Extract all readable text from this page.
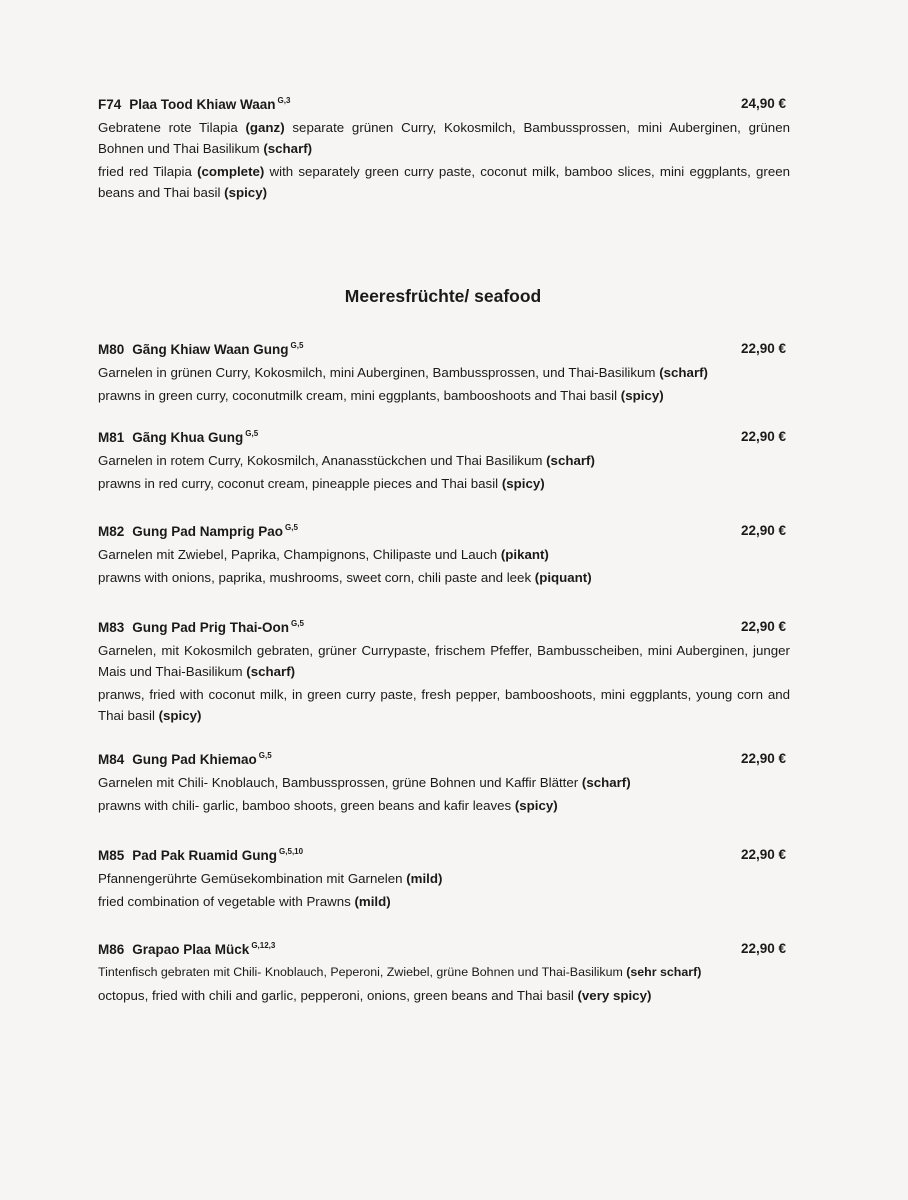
F74 Plaa Tood Khiaw Waan $^{G,3}$	24,90 €
Gebratene rote Tilapia (ganz) separate grünen Curry, Kokosmilch, Bambussprossen, mini Auberginen, grünen Bohnen und Thai Basilikum (scharf)
fried red Tilapia (complete) with separately green curry paste, coconut milk, bamboo slices, mini eggplants, green beans and Thai basil (spicy)
Meeresfrüchte/ seafood
M80 Gãng Khiaw Waan Gung $^{G,5}$	22,90 €
Garnelen in grünen Curry, Kokosmilch, mini Auberginen, Bambussprossen, und Thai-Basilikum (scharf)
prawns in green curry, coconutmilk cream, mini eggplants, bambooshoots and Thai basil (spicy)
M81 Gãng Khua Gung $^{G,5}$	22,90 €
Garnelen in rotem Curry, Kokosmilch, Ananasstückchen und Thai Basilikum (scharf)
prawns in red curry, coconut cream, pineapple pieces and Thai basil (spicy)
M82 Gung Pad Namprig Pao $^{G,5}$	22,90 €
Garnelen mit Zwiebel, Paprika, Champignons, Chilipaste und Lauch (pikant)
prawns with onions, paprika, mushrooms, sweet corn, chili paste and leek (piquant)
M83 Gung Pad Prig Thai-Oon $^{G,5}$	22,90 €
Garnelen, mit Kokosmilch gebraten, grüner Currypaste, frischem Pfeffer, Bambusscheiben, mini Auberginen, junger Mais und Thai-Basilikum (scharf)
pranws, fried with coconut milk, in green curry paste, fresh pepper, bambooshoots, mini eggplants, young corn and Thai basil (spicy)
M84 Gung Pad Khiemao $^{G,5}$	22,90 €
Garnelen mit Chili- Knoblauch, Bambussprossen, grüne Bohnen und Kaffir Blätter (scharf)
prawns with chili- garlic, bamboo shoots, green beans and kafir leaves (spicy)
M85 Pad Pak Ruamid Gung $^{G,5,10}$	22,90 €
Pfannengerührte Gemüsekombination mit Garnelen (mild)
fried combination of vegetable with Prawns (mild)
M86 Grapao Plaa Mück $^{G,12,3}$	22,90 €
Tintenfisch gebraten mit Chili- Knoblauch, Peperoni, Zwiebel, grüne Bohnen und Thai-Basilikum (sehr scharf)
octopus, fried with chili and garlic, pepperoni, onions, green beans and Thai basil (very spicy)
